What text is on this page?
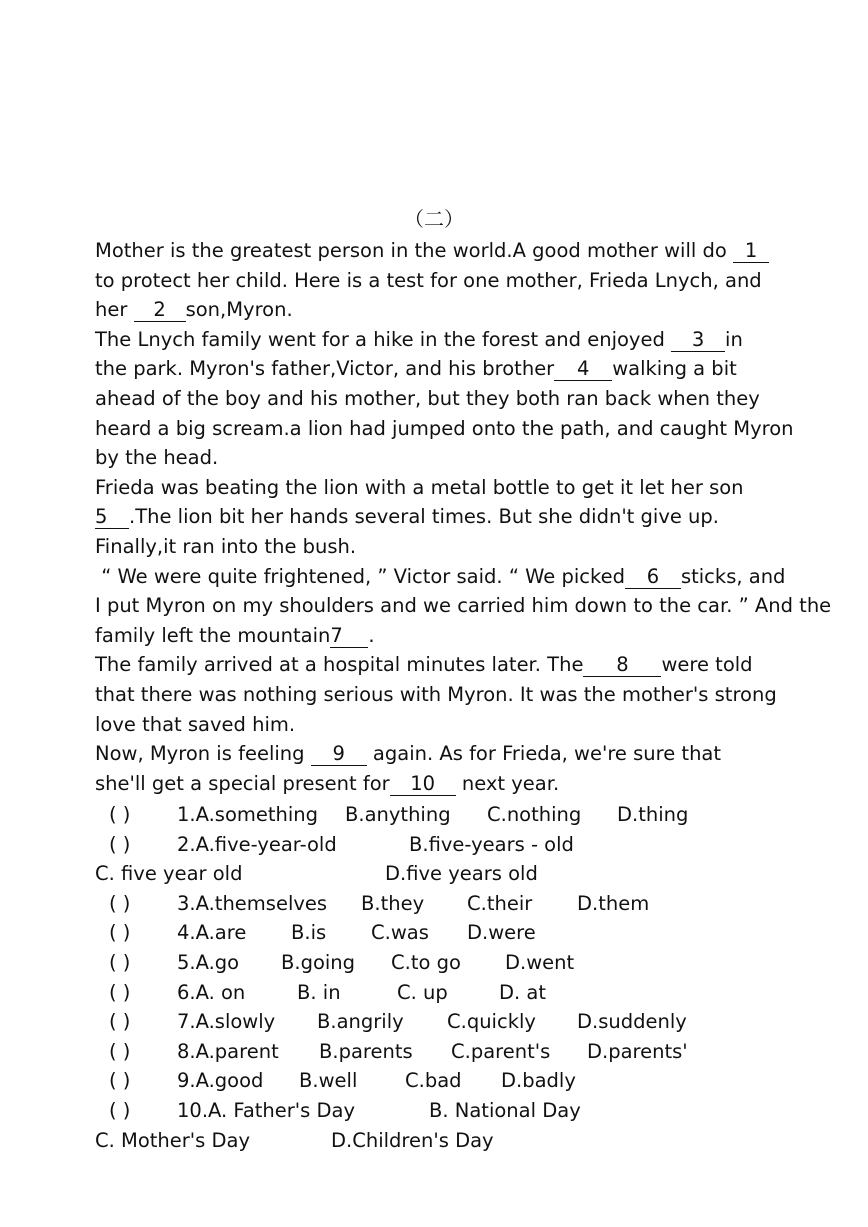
（二）
Mother is the greatest person in the world.A good mother will do 1
to protect her child. Here is a test for one mother, Frieda Lnych, and
her 2 son,Myron.
The Lnych family went for a hike in the forest and enjoyed 3 in
the park. Myron's father,Victor, and his brother 4 walking a bit
ahead of the boy and his mother, but they both ran back when they
heard a big scream.a lion had jumped onto the path, and caught Myron
by the head.
Frieda was beating the lion with a metal bottle to get it let her son
5 .The lion bit her hands several times. But she didn't give up.
Finally,it ran into the bush.
“ We were quite frightened, ” Victor said. “ We picked 6 sticks, and
I put Myron on my shoulders and we carried him down to the car. ” And the
family left the mountain7 .
The family arrived at a hospital minutes later. The 8 were told
that there was nothing serious with Myron. It was the mother's strong
love that saved him.
Now, Myron is feeling 9 again. As for Frieda, we're sure that
she'll get a special present for 10 next year.
( ) 1.A.something B.anything C.nothing D.thing
( ) 2.A.five-year-old	B.five-years - old
C. five year old	D.five years old
( ) 3.A.themselves B.they C.their D.them
( ) 4.A.are B.is C.was D.were
( ) 5.A.go B.going C.to go D.went
( ) 6.A. on	B. in	C. up	D. at
( ) 7.A.slowly B.angrily C.quickly D.suddenly
( ) 8.A.parent B.parents C.parent's D.parents'
( ) 9.A.good B.well C.bad D.badly
( ) 10.A. Father's Day	B. National Day
C. Mother's Day	D.Children's Day
